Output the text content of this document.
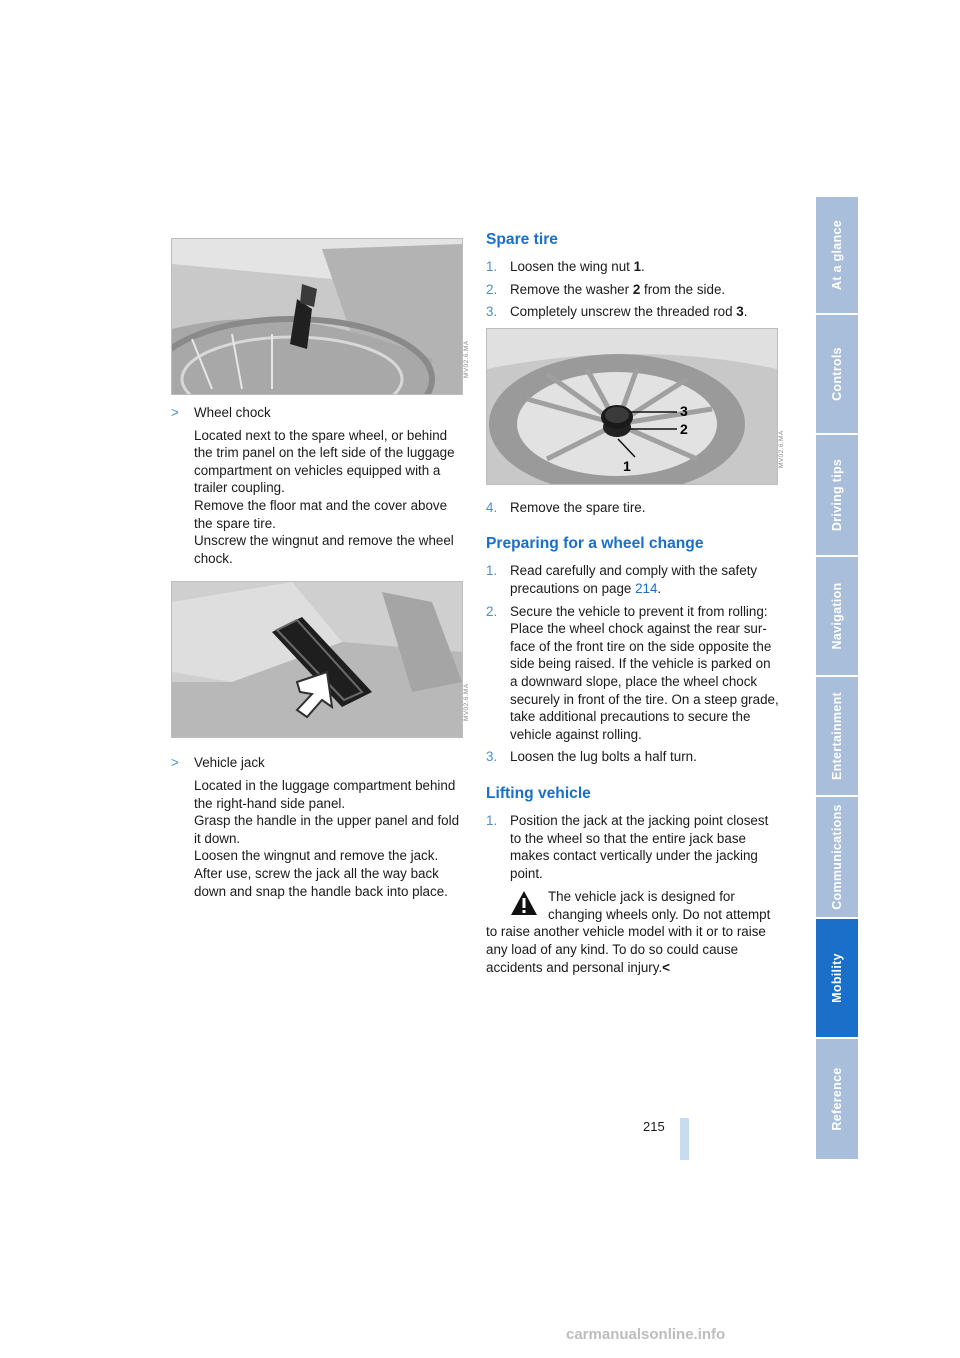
MV02.6.MA
MV02.6.MA
> Wheel chock

Located next to the spare wheel, or behind the trim panel on the left side of the luggage compartment on vehicles equipped with a trailer coupling.

Remove the floor mat and the cover above the spare tire.

Unscrew the wingnut and remove the wheel chock.

> Vehicle jack

Located in the luggage compartment behind the right-hand side panel.

Grasp the handle in the upper panel and fold it down.

Loosen the wingnut and remove the jack.

After use, screw the jack all the way back down and snap the handle back into place.

3
2
1	MV02.6.MA
Spare tire
1. Loosen the wing nut 1.
2. Remove the washer 2 from the side.
3. Completely unscrew the threaded rod 3.
4. Remove the spare tire.
Preparing for a wheel change
1. Read carefully and comply with the safety precautions on page 214.
2. Secure the vehicle to prevent it from rolling: Place the wheel chock against the rear sur-face of the front tire on the side opposite the side being raised. If the vehicle is parked on a downward slope, place the wheel chock securely in front of the tire. On a steep grade, take additional precautions to secure the vehicle against rolling.
3. Loosen the lug bolts a half turn.
Lifting vehicle
1. Position the jack at the jacking point closest to the wheel so that the entire jack base makes contact vertically under the jacking point.

The vehicle jack is designed for changing wheels only. Do not attempt to raise another vehicle model with it or to raise any load of any kind. To do so could cause accidents and personal injury.<

At a glance
Controls
Driving tips
Navigation
Entertainment
Communications
Mobility
Reference
215
carmanualsonline.info
